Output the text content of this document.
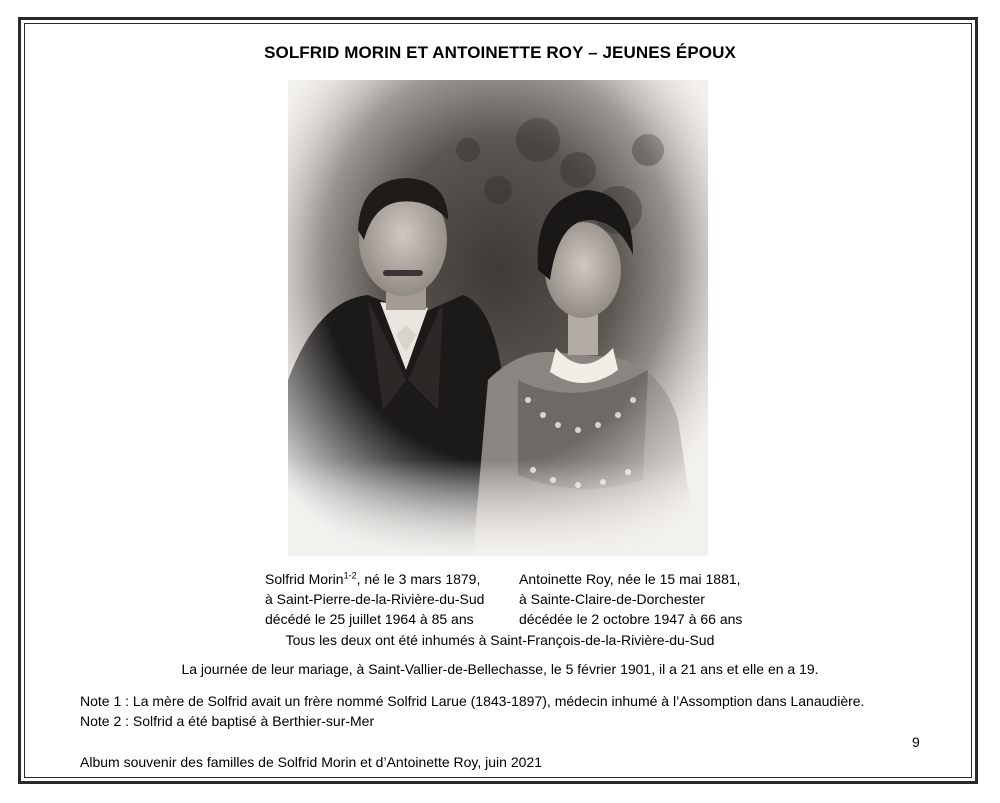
SOLFRID MORIN ET ANTOINETTE ROY – JEUNES ÉPOUX
Solfrid Morin$^{1-2}$, né le 3 mars 1879,
à Saint-Pierre-de-la-Rivière-du-Sud
décédé le 25 juillet 1964 à 85 ans
Antoinette Roy, née le 15 mai 1881,
à Sainte-Claire-de-Dorchester
décédée le 2 octobre 1947 à 66 ans
Tous les deux ont été inhumés à Saint-François-de-la-Rivière-du-Sud
La journée de leur mariage, à Saint-Vallier-de-Bellechasse, le 5 février 1901, il a 21 ans et elle en a 19.
Note 1 : La mère de Solfrid avait un frère nommé Solfrid Larue (1843-1897), médecin inhumé à l’Assomption dans Lanaudière.
Note 2 : Solfrid a été baptisé à Berthier-sur-Mer
9
Album souvenir des familles de Solfrid Morin et d’Antoinette Roy, juin 2021
